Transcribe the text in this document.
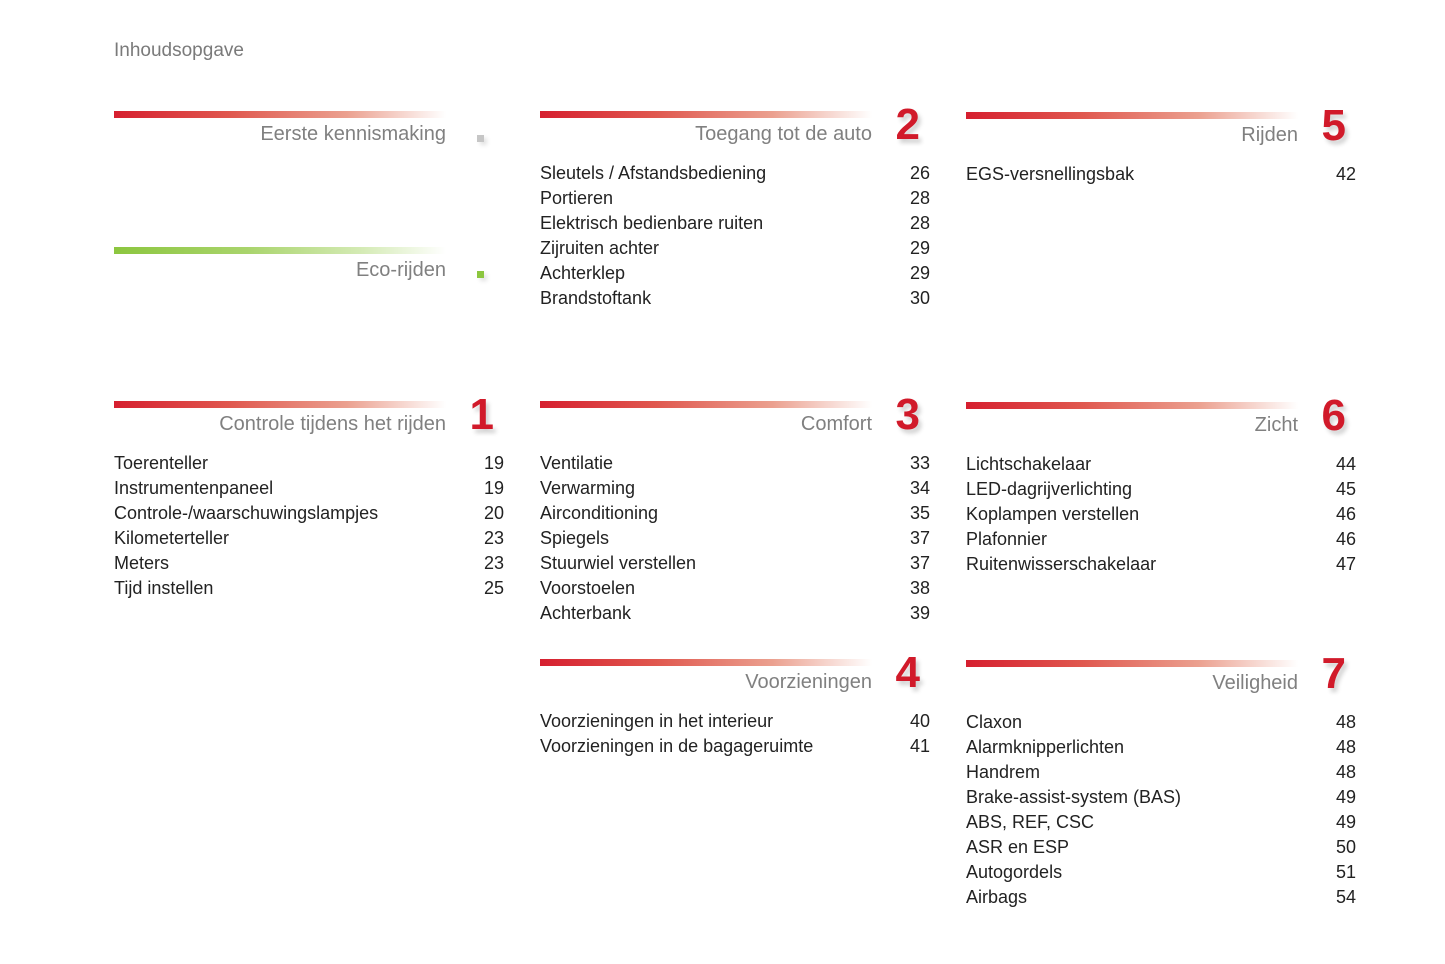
Inhoudsopgave
Eerste kennismaking
Eco-rijden
Controle tijdens het rijden 1
Toerenteller	19
Instrumentenpaneel	19
Controle-/waarschuwingslampjes	20
Kilometerteller	23
Meters	23
Tijd instellen	25
Toegang tot de auto 2
Sleutels / Afstandsbediening	26
Portieren	28
Elektrisch bedienbare ruiten	28
Zijruiten achter	29
Achterklep	29
Brandstoftank	30
Comfort 3
Ventilatie	33
Verwarming	34
Airconditioning	35
Spiegels	37
Stuurwiel verstellen	37
Voorstoelen	38
Achterbank	39
Voorzieningen 4
Voorzieningen in het interieur	40
Voorzieningen in de bagageruimte	41
Rijden 5
EGS-versnellingsbak	42
Zicht 6
Lichtschakelaar	44
LED-dagrijverlichting	45
Koplampen verstellen	46
Plafonnier	46
Ruitenwisserschakelaar	47
Veiligheid 7
Claxon	48
Alarmknipperlichten	48
Handrem	48
Brake-assist-system (BAS)	49
ABS, REF, CSC	49
ASR en ESP	50
Autogordels	51
Airbags	54
